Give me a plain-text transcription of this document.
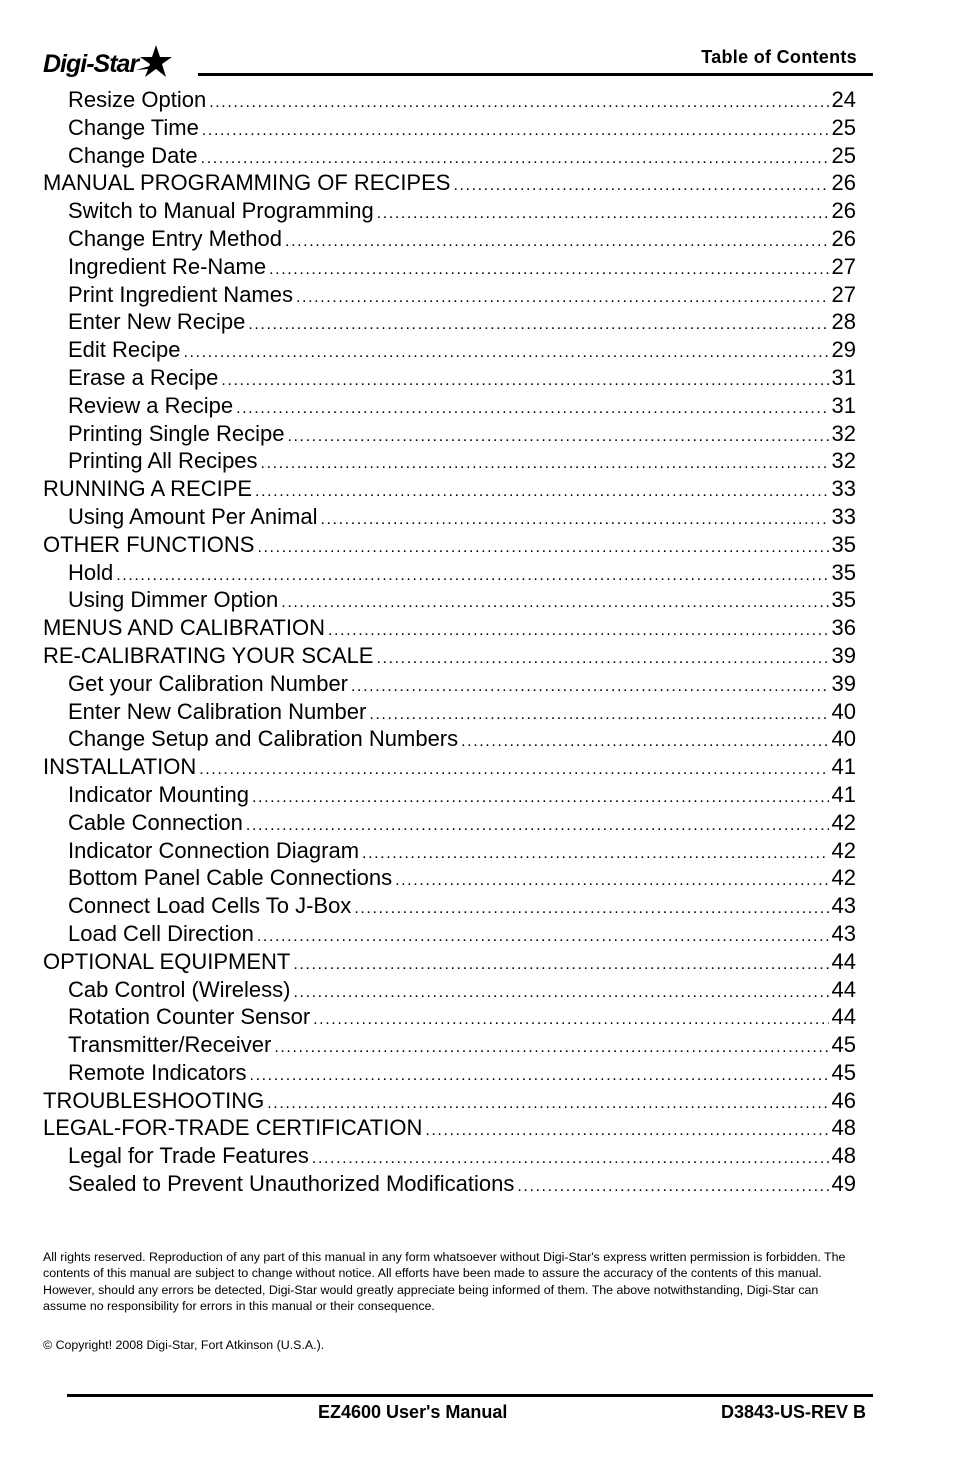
Digi-Star	Table of Contents
Resize Option .....	24
Change Time .....	25
Change Date .....	25
MANUAL PROGRAMMING OF RECIPES .....	26
Switch to Manual Programming .....	26
Change Entry Method .....	26
Ingredient Re-Name .....	27
Print Ingredient Names .....	27
Enter New Recipe .....	28
Edit Recipe .....	29
Erase a Recipe .....	31
Review a Recipe .....	31
Printing Single Recipe .....	32
Printing All Recipes .....	32
RUNNING A RECIPE .....	33
Using Amount Per Animal .....	33
OTHER FUNCTIONS .....	35
Hold .....	35
Using Dimmer Option .....	35
MENUS AND CALIBRATION .....	36
RE-CALIBRATING YOUR SCALE .....	39
Get your Calibration Number .....	39
Enter New Calibration Number .....	40
Change Setup and Calibration Numbers .....	40
INSTALLATION .....	41
Indicator Mounting .....	41
Cable Connection .....	42
Indicator Connection Diagram .....	42
Bottom Panel Cable Connections .....	42
Connect Load Cells To J-Box .....	43
Load Cell Direction .....	43
OPTIONAL EQUIPMENT .....	44
Cab Control (Wireless) .....	44
Rotation Counter Sensor .....	44
Transmitter/Receiver .....	45
Remote Indicators .....	45
TROUBLESHOOTING .....	46
LEGAL-FOR-TRADE CERTIFICATION .....	48
Legal for Trade Features .....	48
Sealed to Prevent Unauthorized Modifications .....	49

All rights reserved. Reproduction of any part of this manual in any form whatsoever without Digi-Star's express written permission is forbidden. The contents of this manual are subject to change without notice. All efforts have been made to assure the accuracy of the contents of this manual. However, should any errors be detected, Digi-Star would greatly appreciate being informed of them. The above notwithstanding, Digi-Star can assume no responsibility for errors in this manual or their consequence.

© Copyright! 2008 Digi-Star, Fort Atkinson (U.S.A.).

EZ4600 User's Manual	D3843-US-REV B
